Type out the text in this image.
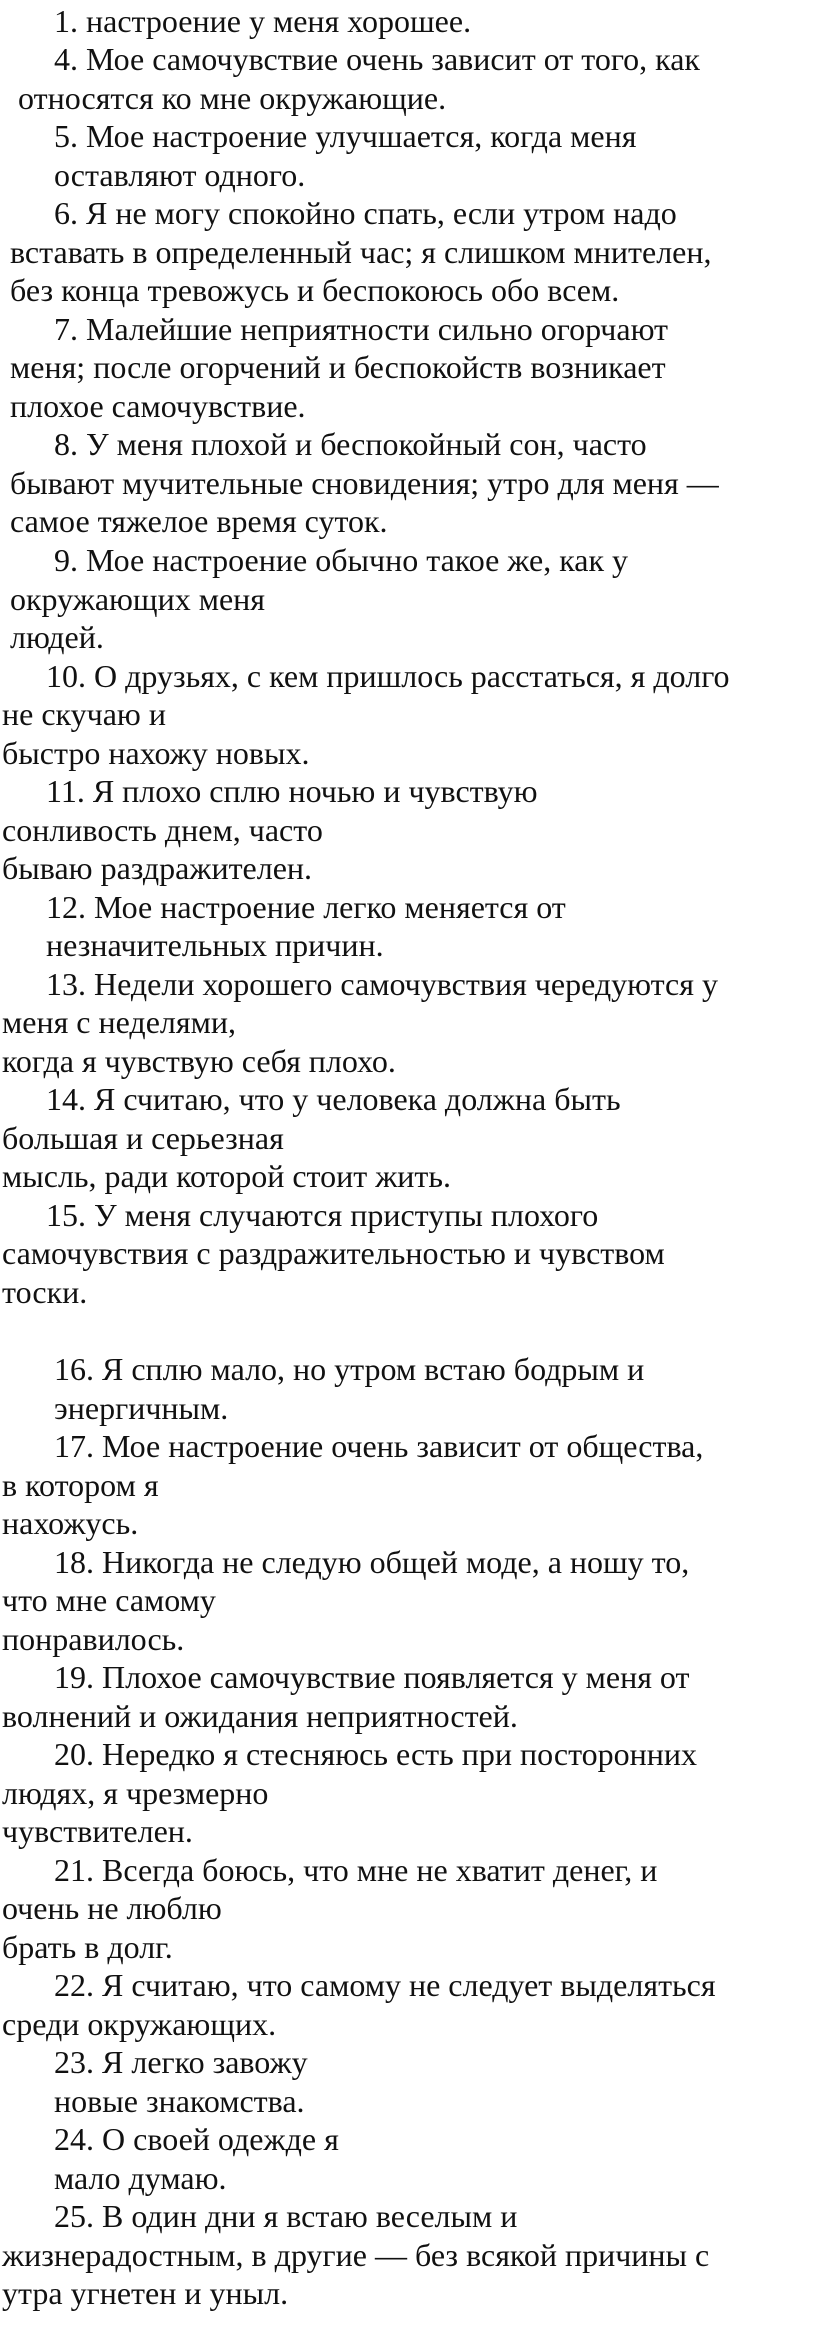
1. настроение у меня хорошее.
4. Мое самочувствие очень зависит от того, как
относятся ко мне окружающие.
5. Мое настроение улучшается, когда меня
оставляют одного.
6. Я не могу спокойно спать, если утром надо
вставать в определенный час; я слишком мнителен,
без конца тревожусь и беспокоюсь обо всем.
7. Малейшие неприятности сильно огорчают
меня; после огорчений и беспокойств возникает
плохое самочувствие.
8. У меня плохой и беспокойный сон, часто
бывают мучительные сновидения; утро для меня —
самое тяжелое время суток.
9. Мое настроение обычно такое же, как у
окружающих меня
людей.
10. О друзьях, с кем пришлось расстаться, я долго
не скучаю и
быстро нахожу новых.
11. Я плохо сплю ночью и чувствую
сонливость днем, часто
бываю раздражителен.
12. Мое настроение легко меняется от
незначительных причин.
13. Недели хорошего самочувствия чередуются у
меня с неделями,
когда я чувствую себя плохо.
14. Я считаю, что у человека должна быть
большая и серьезная
мысль, ради которой стоит жить.
15. У меня случаются приступы плохого
самочувствия с раздражительностью и чувством
тоски.
16. Я сплю мало, но утром встаю бодрым и
энергичным.
17. Мое настроение очень зависит от общества,
в котором я
нахожусь.
18. Никогда не следую общей моде, а ношу то,
что мне самому
понравилось.
19. Плохое самочувствие появляется у меня от
волнений и ожидания неприятностей.
20. Нередко я стесняюсь есть при посторонних
людях, я чрезмерно
чувствителен.
21. Всегда боюсь, что мне не хватит денег, и
очень не люблю
брать в долг.
22. Я считаю, что самому не следует выделяться
среди окружающих.
23. Я легко завожу
новые знакомства.
24. О своей одежде я
мало думаю.
25. В один дни я встаю веселым и
жизнерадостным, в другие — без всякой причины с
утра угнетен и уныл.
